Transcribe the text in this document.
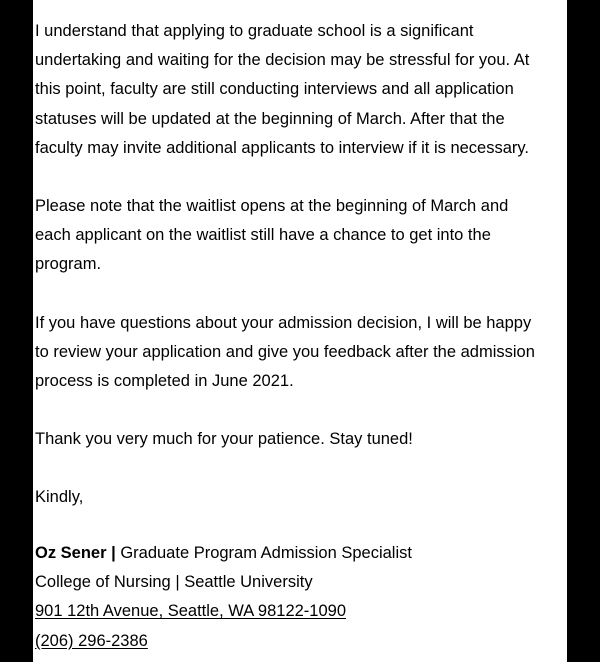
I understand that applying to graduate school is a significant

undertaking and waiting for the decision may be stressful for you. At

this point, faculty are still conducting interviews and all application

statuses will be updated at the beginning of March. After that the

faculty may invite additional applicants to interview if it is necessary.

Please note that the waitlist opens at the beginning of March and

each applicant on the waitlist still have a chance to get into the

program.

If you have questions about your admission decision, I will be happy

to review your application and give you feedback after the admission

process is completed in June 2021.

Thank you very much for your patience. Stay tuned!

Kindly,

Oz Sener | Graduate Program Admission Specialist

College of Nursing | Seattle University

901 12th Avenue, Seattle, WA 98122-1090

(206) 296-2386
